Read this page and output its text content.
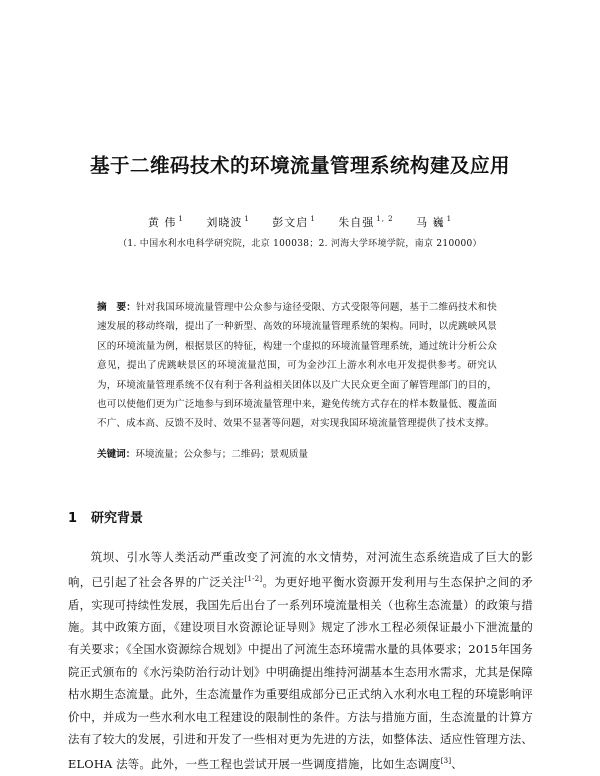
基于二维码技术的环境流量管理系统构建及应用
黄 伟 $^1$ 刘晓波 $^1$ 彭文启 $^1$ 朱自强 $^{1, 2}$ 马 巍 $^1$
（1. 中国水利水电科学研究院，北京 100038；2. 河海大学环境学院，南京 210000）
摘　要：针对我国环境流量管理中公众参与途径受限、方式受限等问题，基于二维码技术和快速发展的移动终端，提出了一种新型、高效的环境流量管理系统的架构。同时，以虎跳峡风景区的环境流量为例，根据景区的特征，构建一个虚拟的环境流量管理系统，通过统计分析公众意见，提出了虎跳峡景区的环境流量范围，可为金沙江上游水利水电开发提供参考。研究认为，环境流量管理系统不仅有利于各利益相关团体以及广大民众更全面了解管理部门的目的，也可以使他们更为广泛地参与到环境流量管理中来，避免传统方式存在的样本数量低、覆盖面不广、成本高、反馈不及时、效果不显著等问题，对实现我国环境流量管理提供了技术支撑。
关键词：环境流量；公众参与；二维码；景观质量
1 研究背景

筑坝、引水等人类活动严重改变了河流的水文情势，对河流生态系统造成了巨大的影响，已引起了社会各界的广泛关注[1-2]。为更好地平衡水资源开发利用与生态保护之间的矛盾，实现可持续性发展，我国先后出台了一系列环境流量相关（也称生态流量）的政策与措施。其中政策方面，《建设项目水资源论证导则》规定了涉水工程必须保证最小下泄流量的有关要求；《全国水资源综合规划》中提出了河流生态环境需水量的具体要求；2015年国务院正式颁布的《水污染防治行动计划》中明确提出维持河湖基本生态用水需求，尤其是保障枯水期生态流量。此外，生态流量作为重要组成部分已正式纳入水利水电工程的环境影响评价中，并成为一些水利水电工程建设的限制性的条件。方法与措施方面，生态流量的计算方法有了较大的发展，引进和开发了一些相对更为先进的方法，如整体法、适应性管理方法、ELOHA 法等。此外，一些工程也尝试开展一些调度措施，比如生态调度[3]、
